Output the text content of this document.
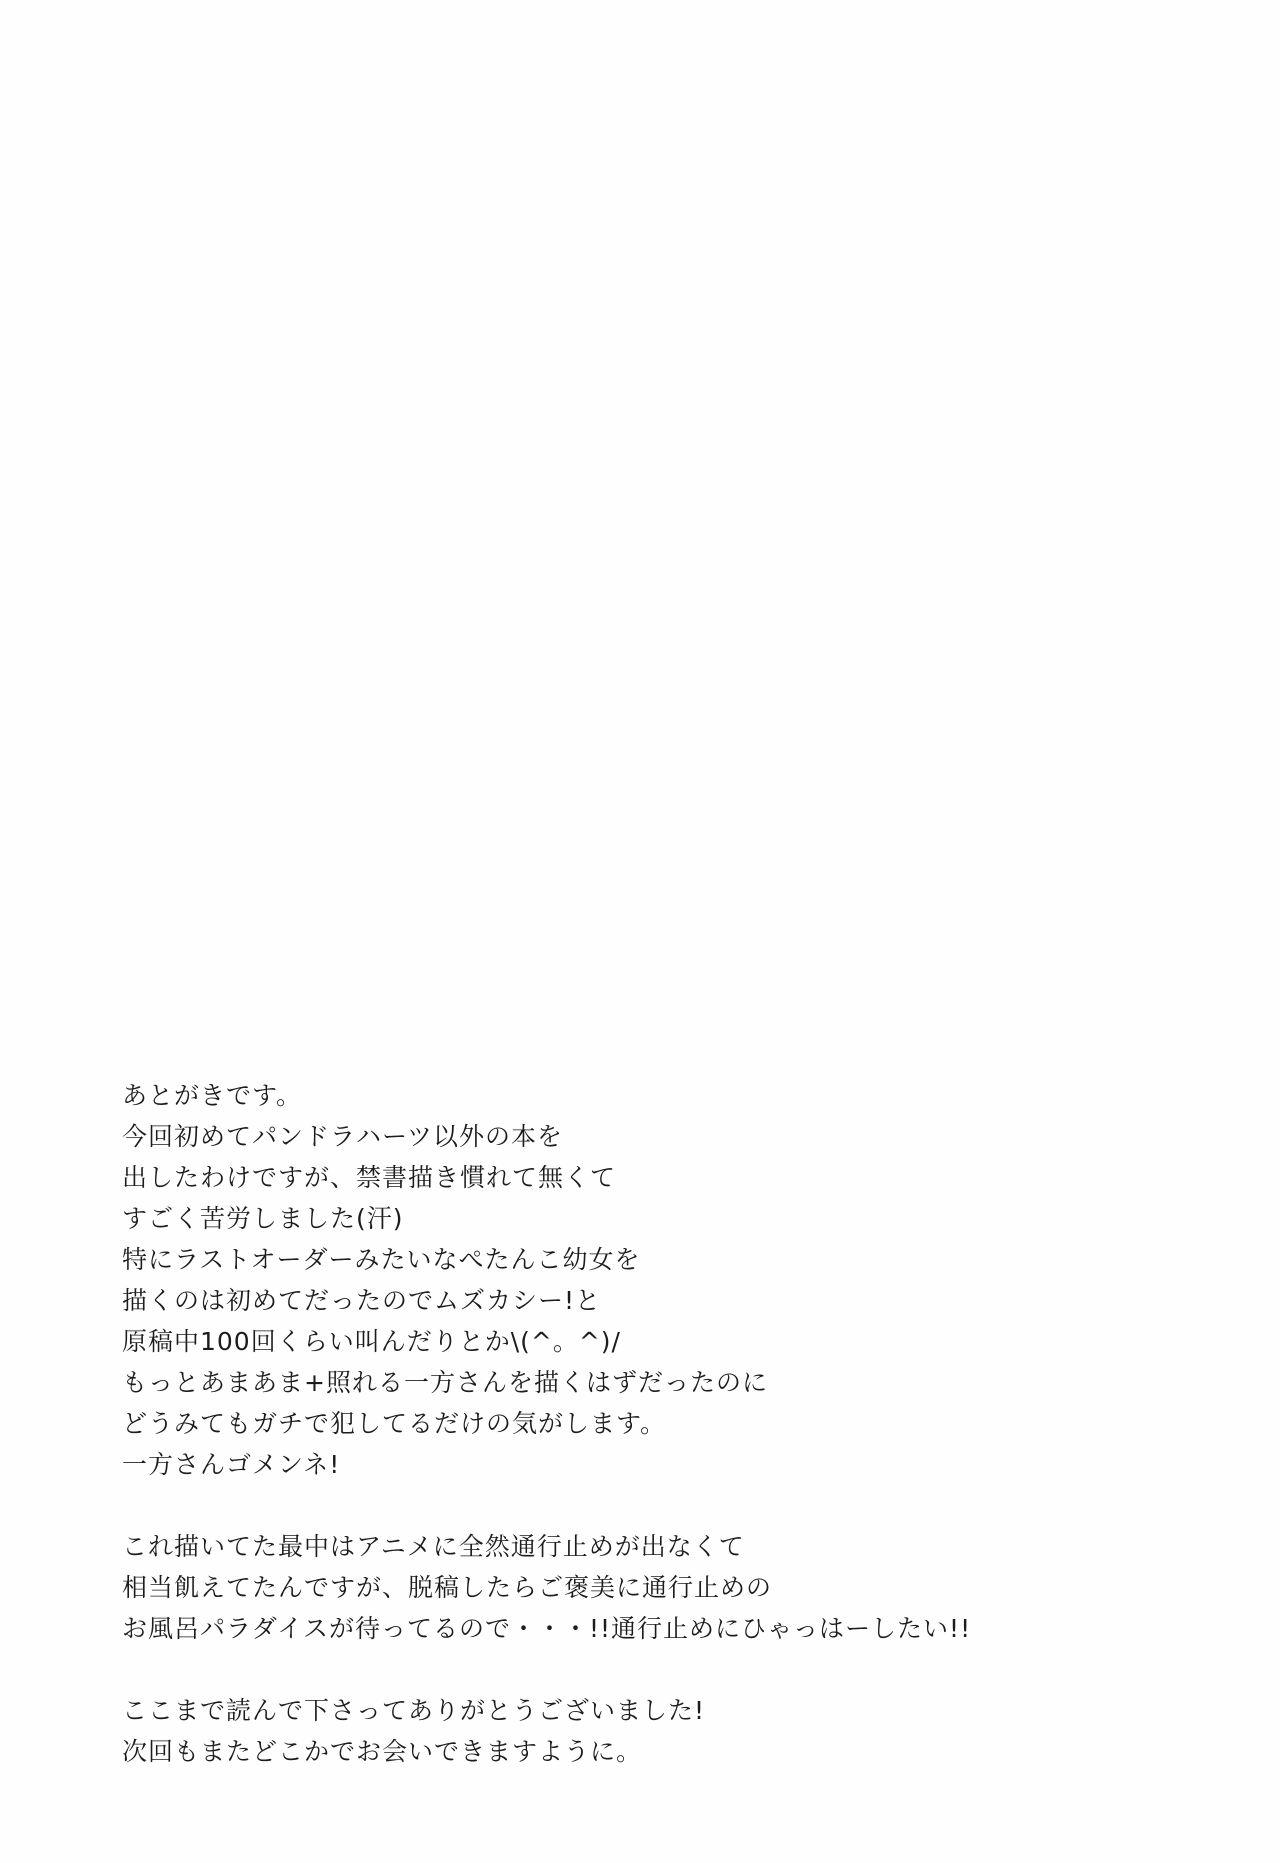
あとがきです。
今回初めてパンドラハーツ以外の本を
出したわけですが、禁書描き慣れて無くて
すごく苦労しました(汗)
特にラストオーダーみたいなぺたんこ幼女を
描くのは初めてだったのでムズカシー!と
原稿中100回くらい叫んだりとか\(^。^)/
もっとあまあま+照れる一方さんを描くはずだったのに
どうみてもガチで犯してるだけの気がします。
一方さんゴメンネ!
これ描いてた最中はアニメに全然通行止めが出なくて
相当飢えてたんですが、脱稿したらご褒美に通行止めの
お風呂パラダイスが待ってるので・・・!!通行止めにひゃっはーしたい!!
ここまで読んで下さってありがとうございました!
次回もまたどこかでお会いできますように。
